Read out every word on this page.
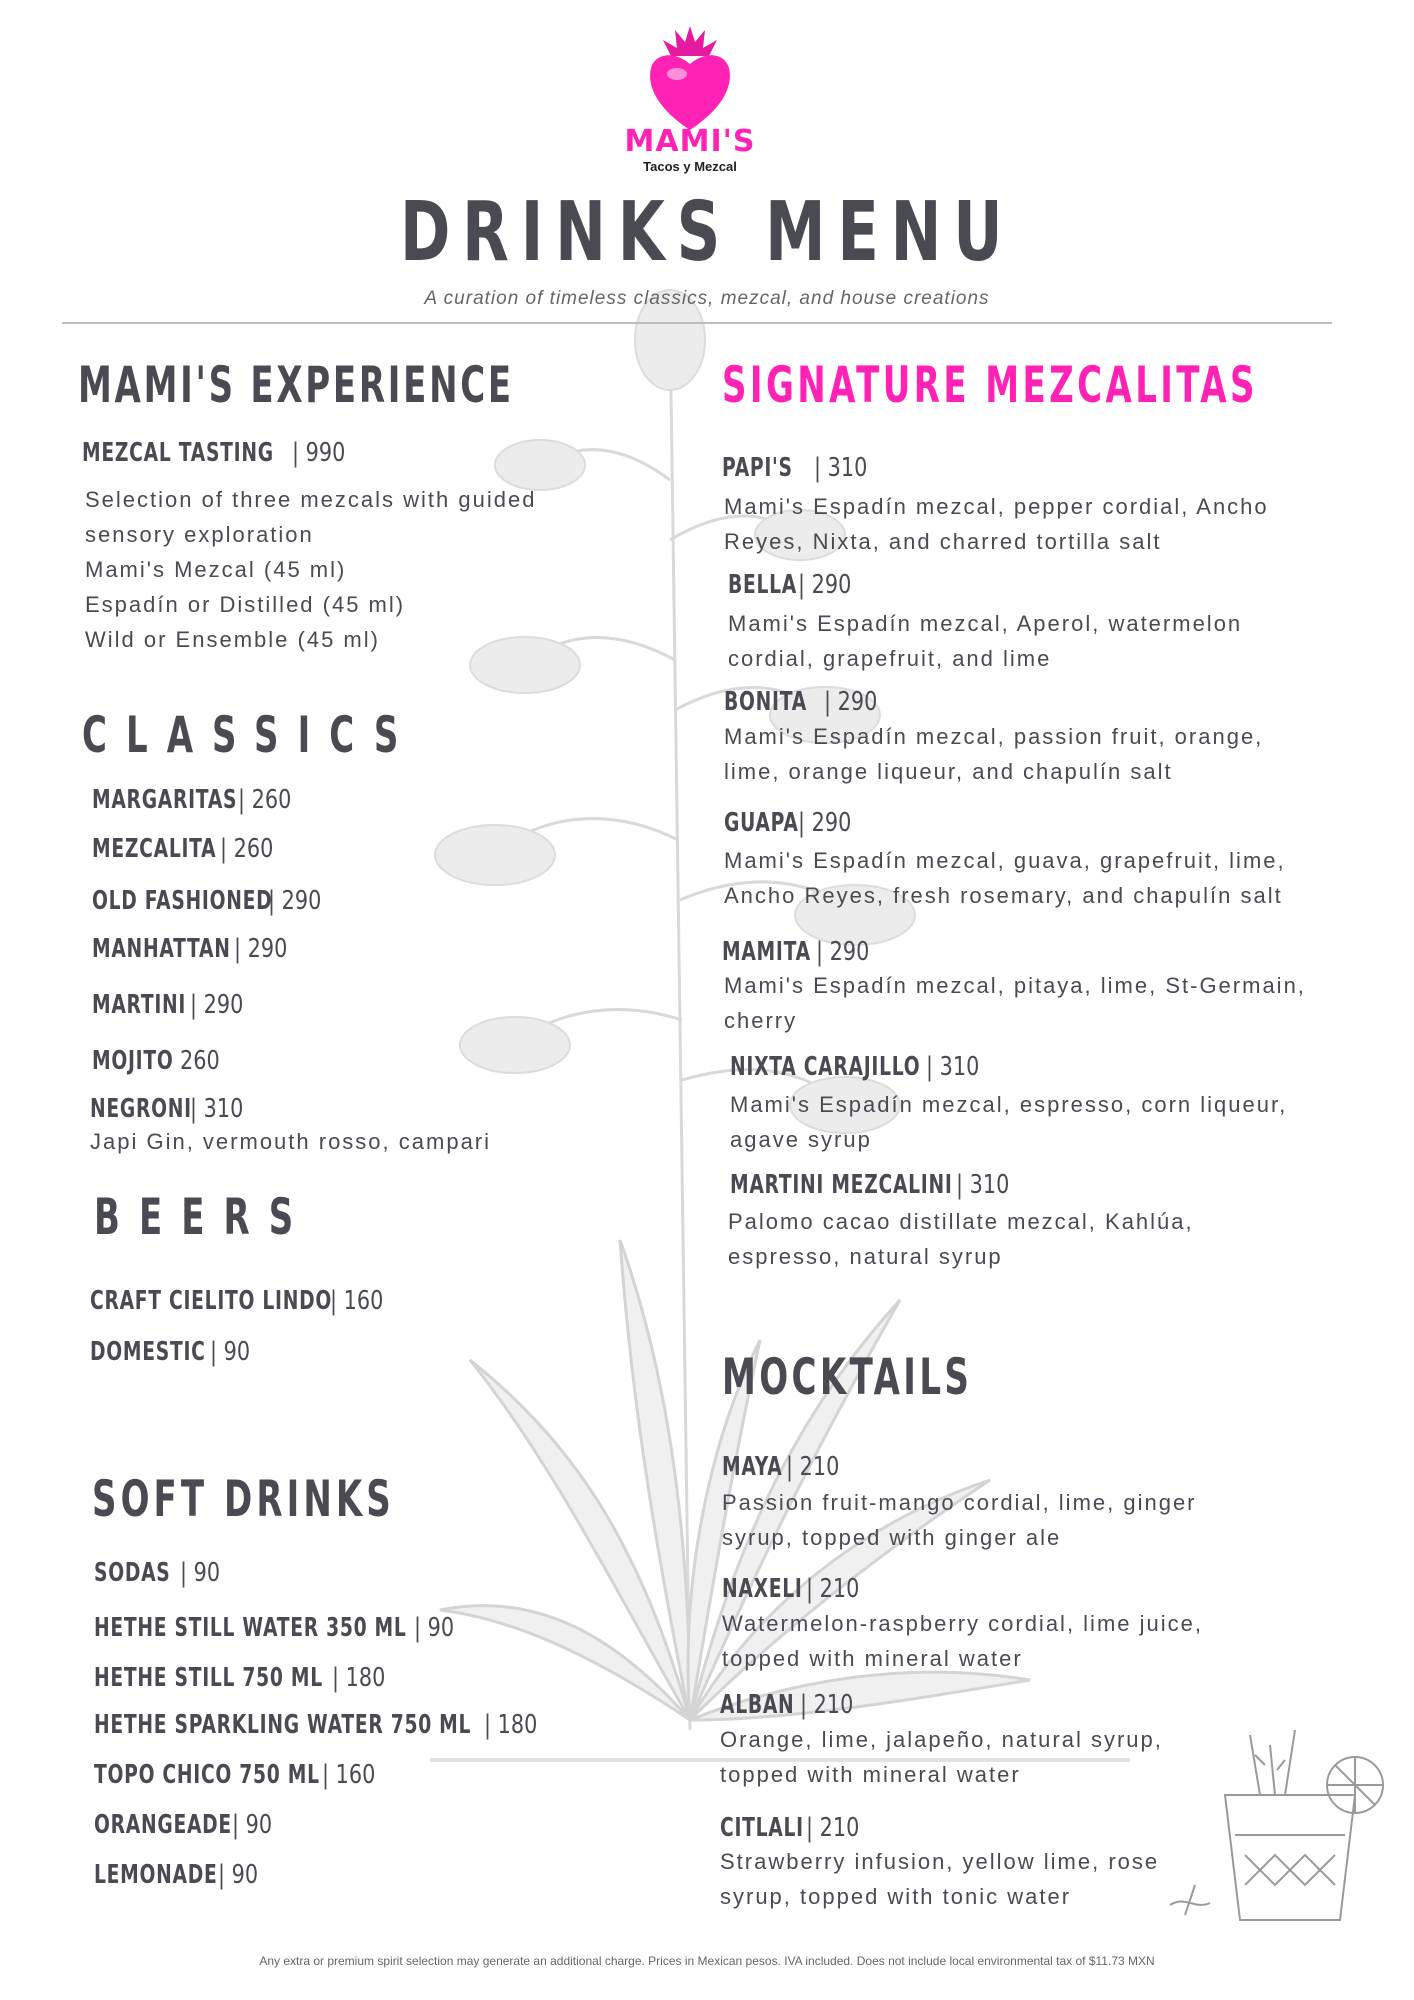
MAMI'S
Tacos y Mezcal
DRINKS MENU
A curation of timeless classics, mezcal, and house creations
MAMI'S EXPERIENCE
MEZCAL TASTING | 990
Selection of three mezcals with guided
sensory exploration
Mami's Mezcal (45 ml)
Espadín or Distilled (45 ml)
Wild or Ensemble (45 ml)
CLASSICS
MARGARITAS | 260
MEZCALITA | 260
OLD FASHIONED
| 290
MANHATTAN | 290
MARTINI | 290
MOJITO 260
NEGRONI
| 310
Japi Gin, vermouth rosso, campari
BEERS
CRAFT CIELITO LINDO
| 160
DOMESTIC | 90
SOFT DRINKS
SODAS | 90
HETHE STILL WATER 350 ML | 90
HETHE STILL 750 ML | 180
HETHE SPARKLING WATER 750 ML | 180
TOPO CHICO 750 ML | 160
ORANGEADE | 90
LEMONADE | 90
SIGNATURE MEZCALITAS
PAPI'S | 310
Mami's Espadín mezcal, pepper cordial, Ancho
Reyes, Nixta, and charred tortilla salt
BELLA | 290
Mami's Espadín mezcal, Aperol, watermelon
cordial, grapefruit, and lime
BONITA | 290
Mami's Espadín mezcal, passion fruit, orange,
lime, orange liqueur, and chapulín salt
GUAPA | 290
Mami's Espadín mezcal, guava, grapefruit, lime,
Ancho Reyes, fresh rosemary, and chapulín salt
MAMITA | 290
Mami's Espadín mezcal, pitaya, lime, St-Germain,
cherry
NIXTA CARAJILLO | 310
Mami's Espadín mezcal, espresso, corn liqueur,
agave syrup
MARTINI MEZCALINI | 310
Palomo cacao distillate mezcal, Kahlúa,
espresso, natural syrup
MOCKTAILS
MAYA | 210
Passion fruit-mango cordial, lime, ginger
syrup, topped with ginger ale
NAXELI | 210
Watermelon-raspberry cordial, lime juice,
topped with mineral water
ALBAN | 210
Orange, lime, jalapeño, natural syrup,
topped with mineral water
CITLALI | 210
Strawberry infusion, yellow lime, rose
syrup, topped with tonic water
Any extra or premium spirit selection may generate an additional charge. Prices in Mexican pesos. IVA included. Does not include local environmental tax of $11.73 MXN
